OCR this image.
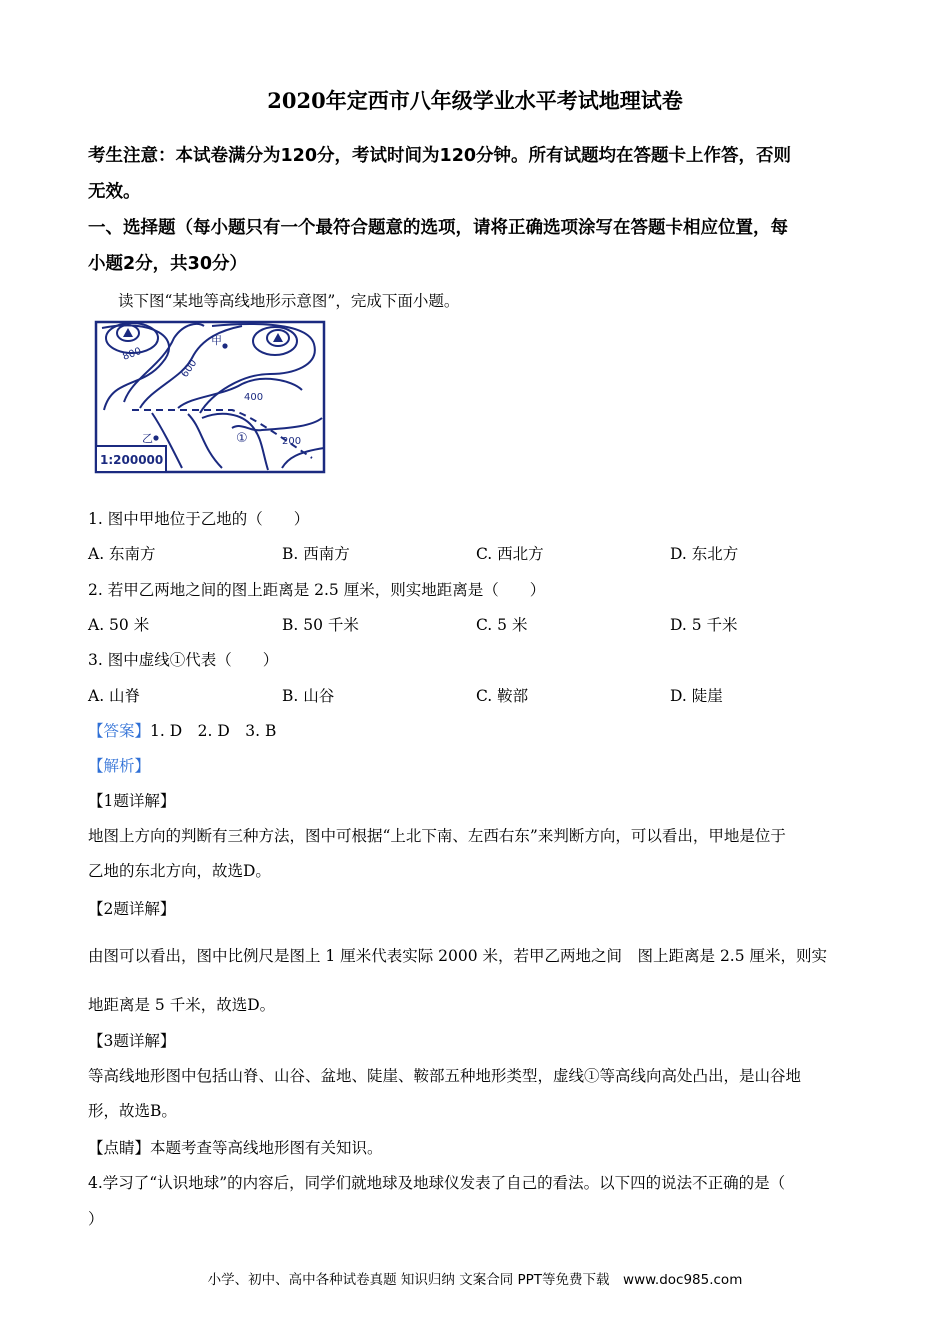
2020年定西市八年级学业水平考试地理试卷
考生注意：本试卷满分为120分，考试时间为120分钟。所有试题均在答题卡上作答，否则
无效。
一、选择题（每小题只有一个最符合题意的选项，请将正确选项涂写在答题卡相应位置，每
小题2分，共30分）
读下图“某地等高线地形示意图”，完成下面小题。
甲
乙	①
800
600
400
200
1:200000
1. 图中甲地位于乙地的（　　）
A. 东南方	B. 西南方	C. 西北方	D. 东北方
2. 若甲乙两地之间的图上距离是 2.5 厘米，则实地距离是（　　）
A. 50 米	B. 50 千米	C. 5 米	D. 5 千米
3. 图中虚线①代表（　　）
A. 山脊	B. 山谷	C. 鞍部	D. 陡崖
【答案】1. D　2. D　3. B
【解析】
【1题详解】
地图上方向的判断有三种方法，图中可根据“上北下南、左西右东”来判断方向，可以看出，甲地是位于
乙地的东北方向，故选D。
【2题详解】
由图可以看出，图中比例尺是图上 1 厘米代表实际 2000 米，若甲乙两地之间　图上距离是 2.5 厘米，则实
地距离是 5 千米，故选D。
【3题详解】
等高线地形图中包括山脊、山谷、盆地、陡崖、鞍部五种地形类型，虚线①等高线向高处凸出，是山谷地
形，故选B。
【点睛】本题考查等高线地形图有关知识。
4.学习了“认识地球”的内容后，同学们就地球及地球仪发表了自己的看法。以下四的说法不正确的是（
）
小学、初中、高中各种试卷真题 知识归纳 文案合同 PPT等免费下载　www.doc985.com
